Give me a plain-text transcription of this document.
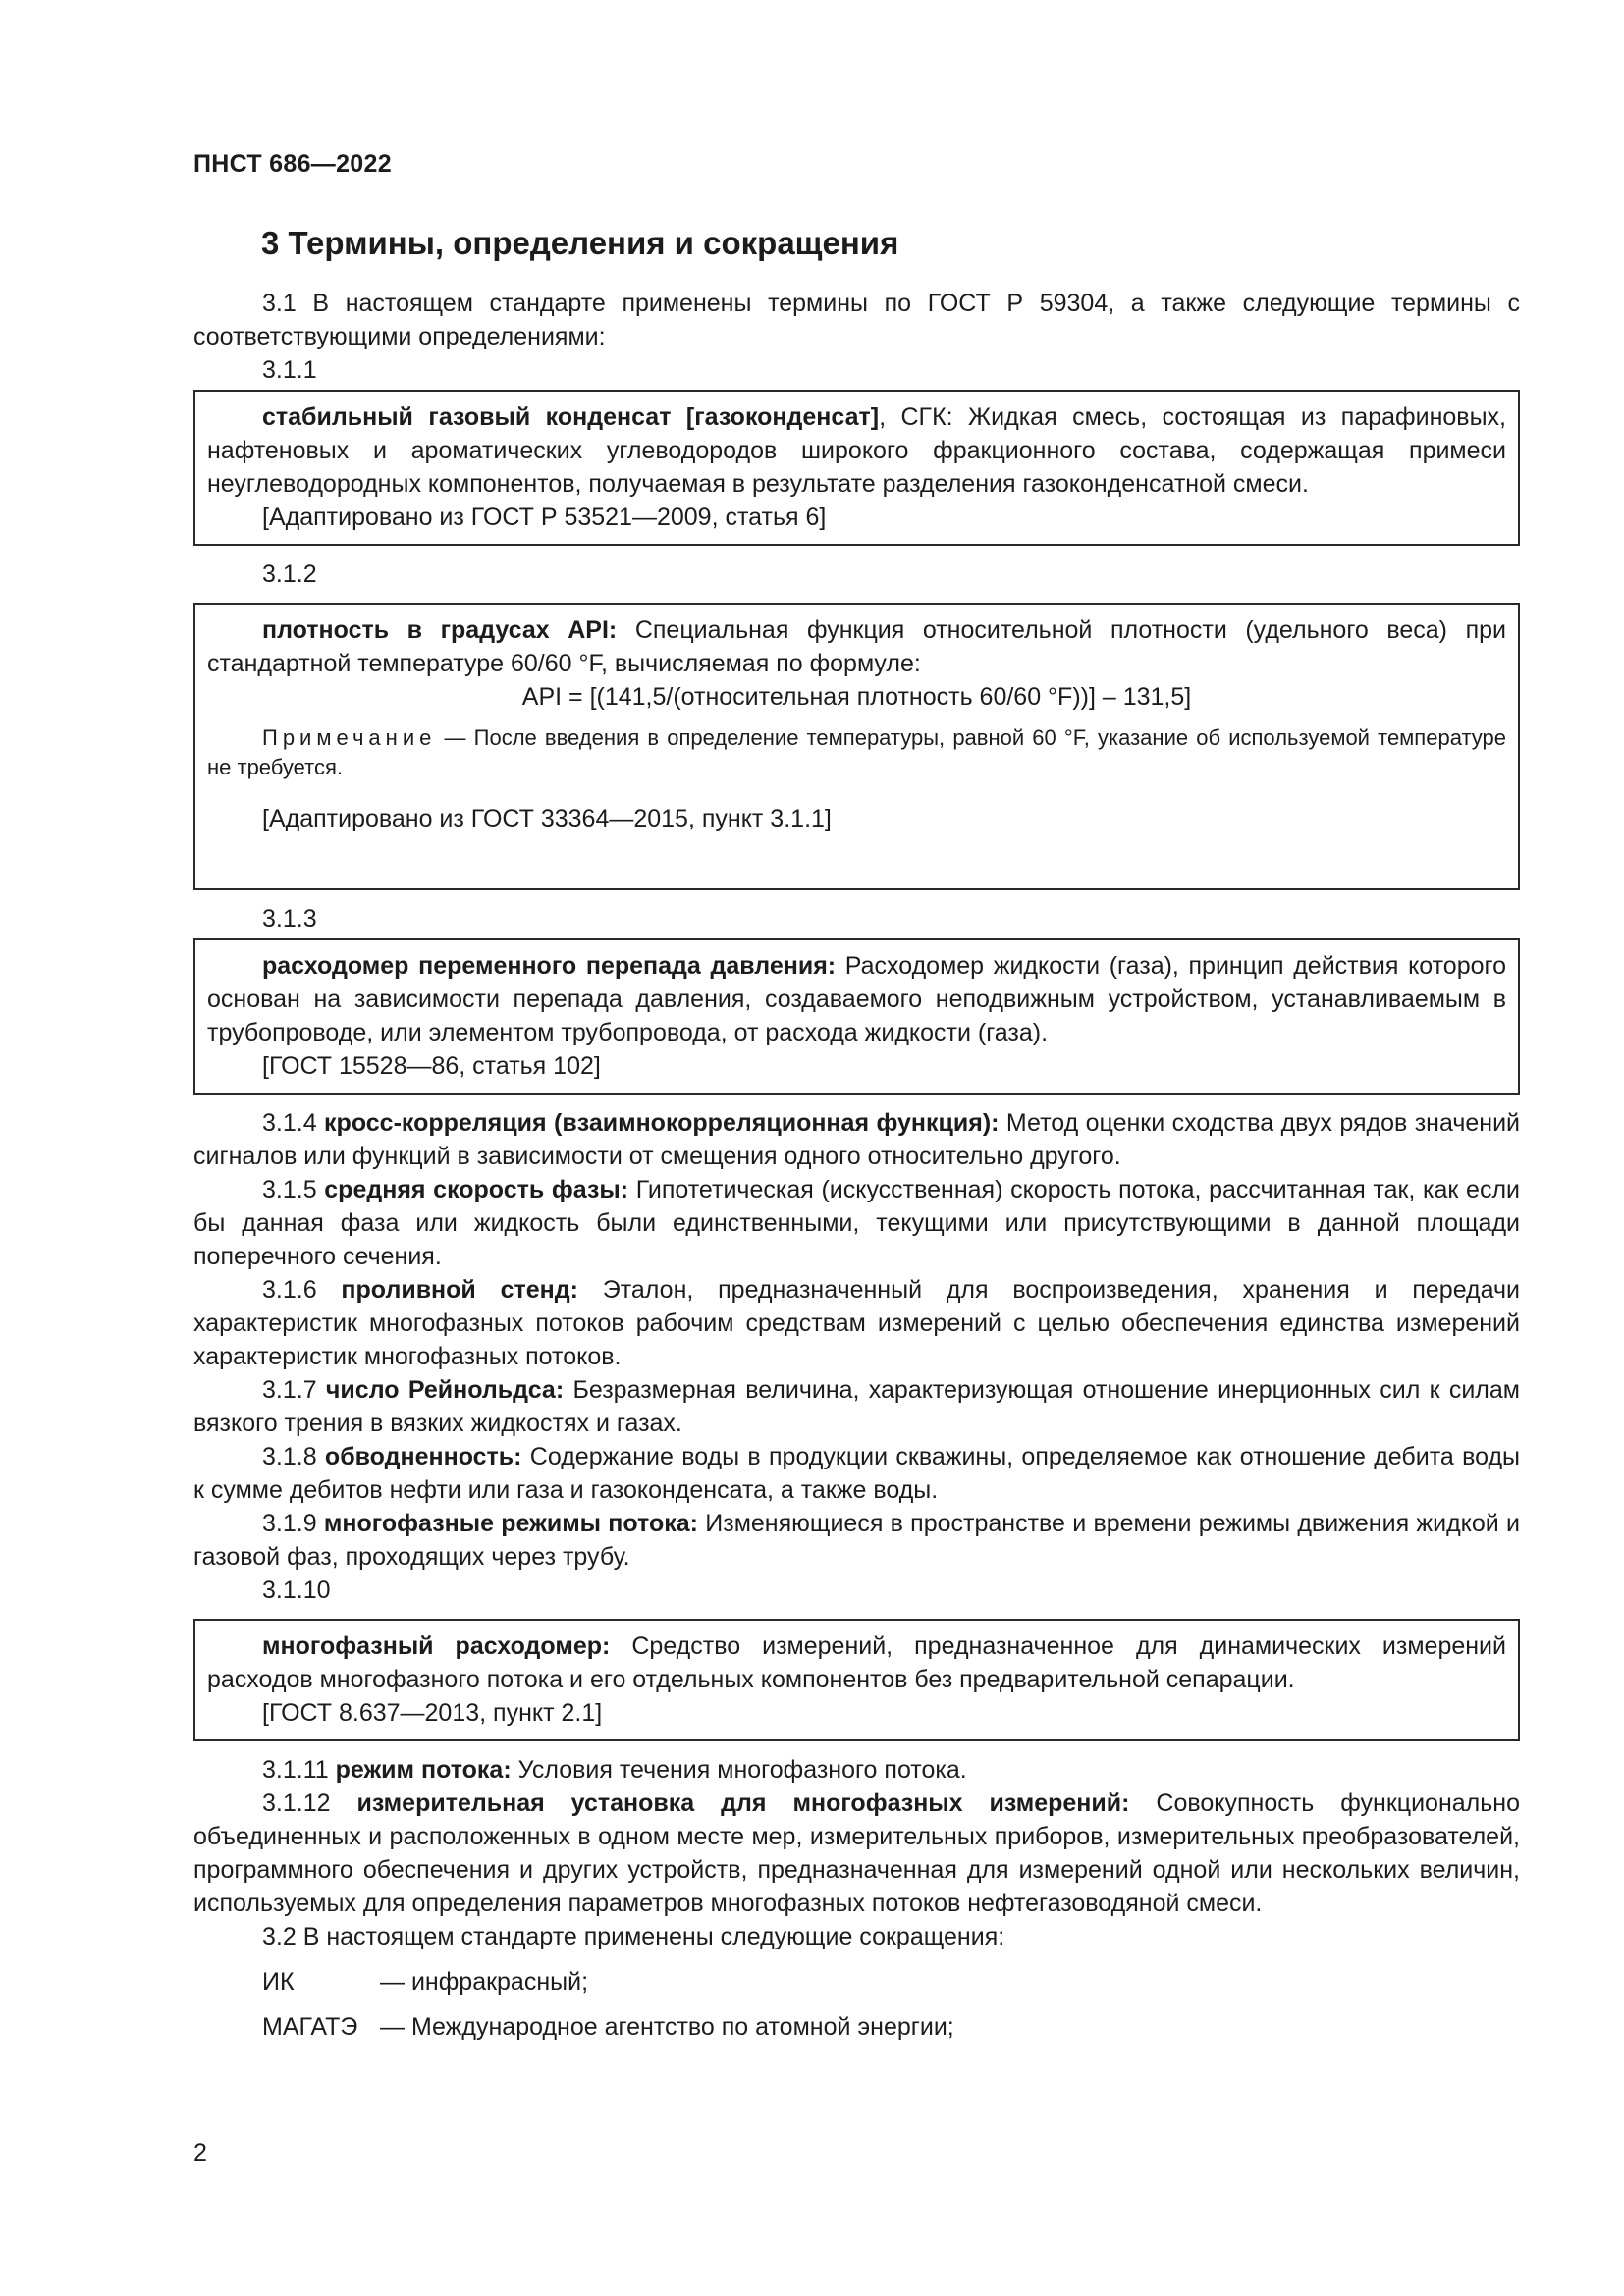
ПНСТ 686—2022
3 Термины, определения и сокращения

3.1 В настоящем стандарте применены термины по ГОСТ Р 59304, а также следующие термины с соответствующими определениями:

3.1.1

стабильный газовый конденсат [газоконденсат], СГК: Жидкая смесь, состоящая из парафиновых, нафтеновых и ароматических углеводородов широкого фракционного состава, содержащая примеси неуглеводородных компонентов, получаемая в результате разделения газоконденсатной смеси.

[Адаптировано из ГОСТ Р 53521—2009, статья 6]

3.1.2

плотность в градусах API: Специальная функция относительной плотности (удельного веса) при стандартной температуре 60/60 °F, вычисляемая по формуле:

API = [(141,5/(относительная плотность 60/60 °F))] – 131,5]

Примечание — После введения в определение температуры, равной 60 °F, указание об используемой температуре не требуется.

[Адаптировано из ГОСТ 33364—2015, пункт 3.1.1]

3.1.3

расходомер переменного перепада давления: Расходомер жидкости (газа), принцип действия которого основан на зависимости перепада давления, создаваемого неподвижным устройством, устанавливаемым в трубопроводе, или элементом трубопровода, от расхода жидкости (газа).

[ГОСТ 15528—86, статья 102]

3.1.4 кросс-корреляция (взаимнокорреляционная функция): Метод оценки сходства двух рядов значений сигналов или функций в зависимости от смещения одного относительно другого.

3.1.5 средняя скорость фазы: Гипотетическая (искусственная) скорость потока, рассчитанная так, как если бы данная фаза или жидкость были единственными, текущими или присутствующими в данной площади поперечного сечения.

3.1.6 проливной стенд: Эталон, предназначенный для воспроизведения, хранения и передачи характеристик многофазных потоков рабочим средствам измерений с целью обеспечения единства измерений характеристик многофазных потоков.

3.1.7 число Рейнольдса: Безразмерная величина, характеризующая отношение инерционных сил к силам вязкого трения в вязких жидкостях и газах.

3.1.8 обводненность: Содержание воды в продукции скважины, определяемое как отношение дебита воды к сумме дебитов нефти или газа и газоконденсата, а также воды.

3.1.9 многофазные режимы потока: Изменяющиеся в пространстве и времени режимы движения жидкой и газовой фаз, проходящих через трубу.

3.1.10

многофазный расходомер: Средство измерений, предназначенное для динамических измерений расходов многофазного потока и его отдельных компонентов без предварительной сепарации.

[ГОСТ 8.637—2013, пункт 2.1]

3.1.11 режим потока: Условия течения многофазного потока.

3.1.12 измерительная установка для многофазных измерений: Совокупность функционально объединенных и расположенных в одном месте мер, измерительных приборов, измерительных преобразователей, программного обеспечения и других устройств, предназначенная для измерений одной или нескольких величин, используемых для определения параметров многофазных потоков нефтегазоводяной смеси.

3.2 В настоящем стандарте применены следующие сокращения:

ИК	— инфракрасный;
МАГАТЭ — Международное агентство по атомной энергии;
2
